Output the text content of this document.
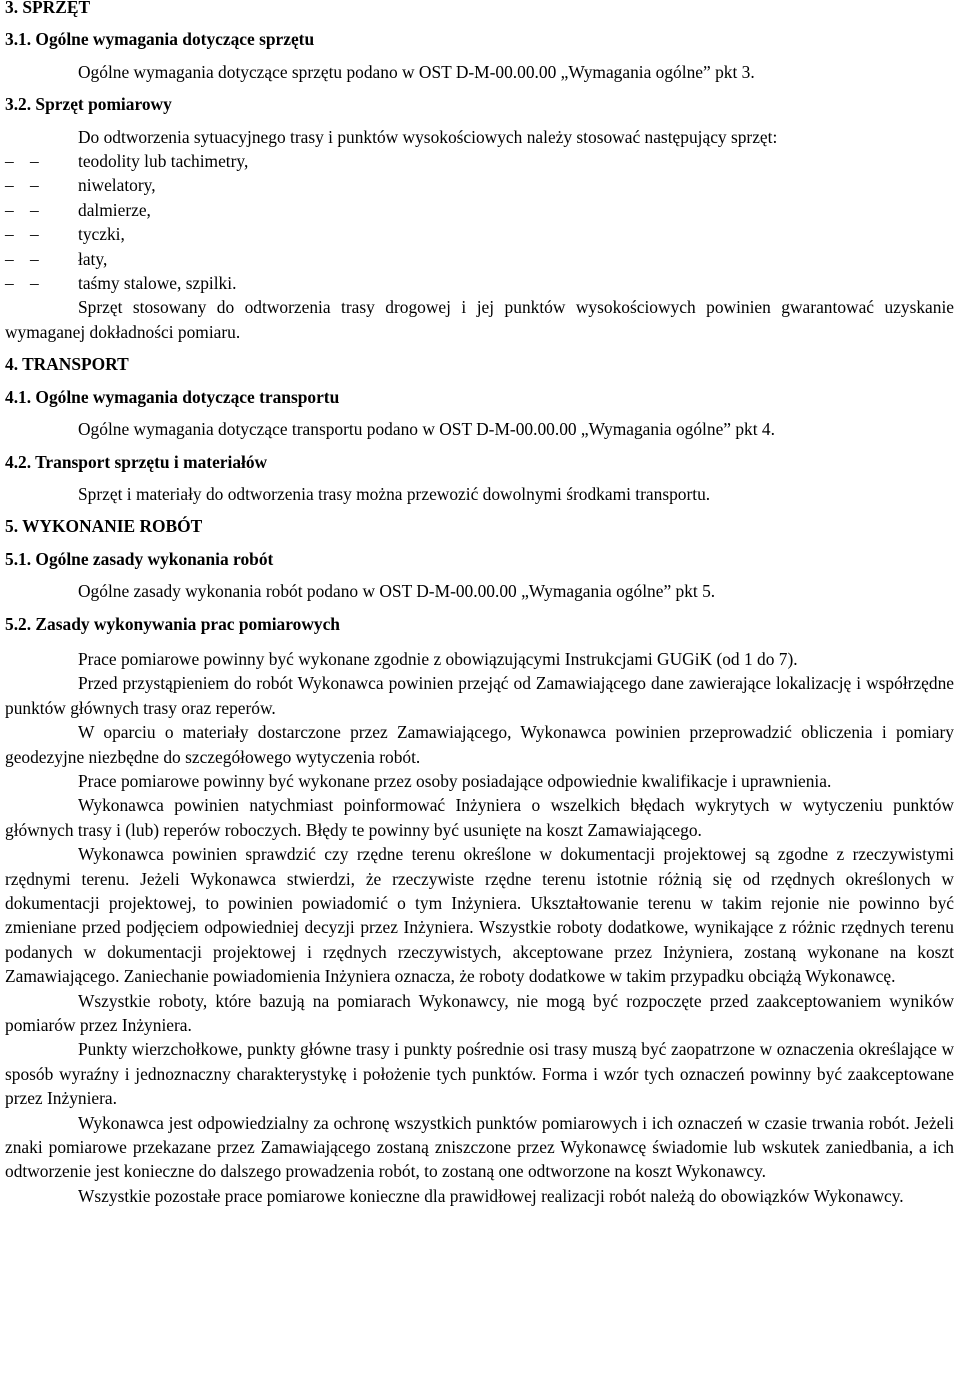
3. SPRZĘT
3.1. Ogólne wymagania dotyczące sprzętu

Ogólne wymagania dotyczące sprzętu podano w OST D-M-00.00.00 „Wymagania ogólne” pkt 3.

3.2. Sprzęt pomiarowy

Do odtworzenia sytuacyjnego trasy i punktów wysokościowych należy stosować następujący sprzęt:

– – teodolity lub tachimetry,
– – niwelatory,
– – dalmierze,
– – tyczki,
– – łaty,
– – taśmy stalowe, szpilki.

Sprzęt stosowany do odtworzenia trasy drogowej i jej punktów wysokościowych powinien gwarantować uzyskanie wymaganej dokładności pomiaru.

4. TRANSPORT
4.1. Ogólne wymagania dotyczące transportu

Ogólne wymagania dotyczące transportu podano w OST D-M-00.00.00 „Wymagania ogólne” pkt 4.

4.2. Transport sprzętu i materiałów

Sprzęt i materiały do odtworzenia trasy można przewozić dowolnymi środkami transportu.

5. WYKONANIE ROBÓT
5.1. Ogólne zasady wykonania robót

Ogólne zasady wykonania robót podano w OST D-M-00.00.00 „Wymagania ogólne” pkt 5.

5.2. Zasady wykonywania prac pomiarowych

Prace pomiarowe powinny być wykonane zgodnie z obowiązującymi Instrukcjami GUGiK (od 1 do 7).

Przed przystąpieniem do robót Wykonawca powinien przejąć od Zamawiającego dane zawierające lokalizację i współrzędne punktów głównych trasy oraz reperów.

W oparciu o materiały dostarczone przez Zamawiającego, Wykonawca powinien przeprowadzić obliczenia i pomiary geodezyjne niezbędne do szczegółowego wytyczenia robót.

Prace pomiarowe powinny być wykonane przez osoby posiadające odpowiednie kwalifikacje i uprawnienia.

Wykonawca powinien natychmiast poinformować Inżyniera o wszelkich błędach wykrytych w wytyczeniu punktów głównych trasy i (lub) reperów roboczych. Błędy te powinny być usunięte na koszt Zamawiającego.

Wykonawca powinien sprawdzić czy rzędne terenu określone w dokumentacji projektowej są zgodne z rzeczywistymi rzędnymi terenu. Jeżeli Wykonawca stwierdzi, że rzeczywiste rzędne terenu istotnie różnią się od rzędnych określonych w dokumentacji projektowej, to powinien powiadomić o tym Inżyniera. Ukształtowanie terenu w takim rejonie nie powinno być zmieniane przed podjęciem odpowiedniej decyzji przez Inżyniera. Wszystkie roboty dodatkowe, wynikające z różnic rzędnych terenu podanych w dokumentacji projektowej i rzędnych rzeczywistych, akceptowane przez Inżyniera, zostaną wykonane na koszt Zamawiającego. Zaniechanie powiadomienia Inżyniera oznacza, że roboty dodatkowe w takim przypadku obciążą Wykonawcę.

Wszystkie roboty, które bazują na pomiarach Wykonawcy, nie mogą być rozpoczęte przed zaakceptowaniem wyników pomiarów przez Inżyniera.

Punkty wierzchołkowe, punkty główne trasy i punkty pośrednie osi trasy muszą być zaopatrzone w oznaczenia określające w sposób wyraźny i jednoznaczny charakterystykę i położenie tych punktów. Forma i wzór tych oznaczeń powinny być zaakceptowane przez Inżyniera.

Wykonawca jest odpowiedzialny za ochronę wszystkich punktów pomiarowych i ich oznaczeń w czasie trwania robót. Jeżeli znaki pomiarowe przekazane przez Zamawiającego zostaną zniszczone przez Wykonawcę świadomie lub wskutek zaniedbania, a ich odtworzenie jest konieczne do dalszego prowadzenia robót, to zostaną one odtworzone na koszt Wykonawcy.

Wszystkie pozostałe prace pomiarowe konieczne dla prawidłowej realizacji robót należą do obowiązków Wykonawcy.
